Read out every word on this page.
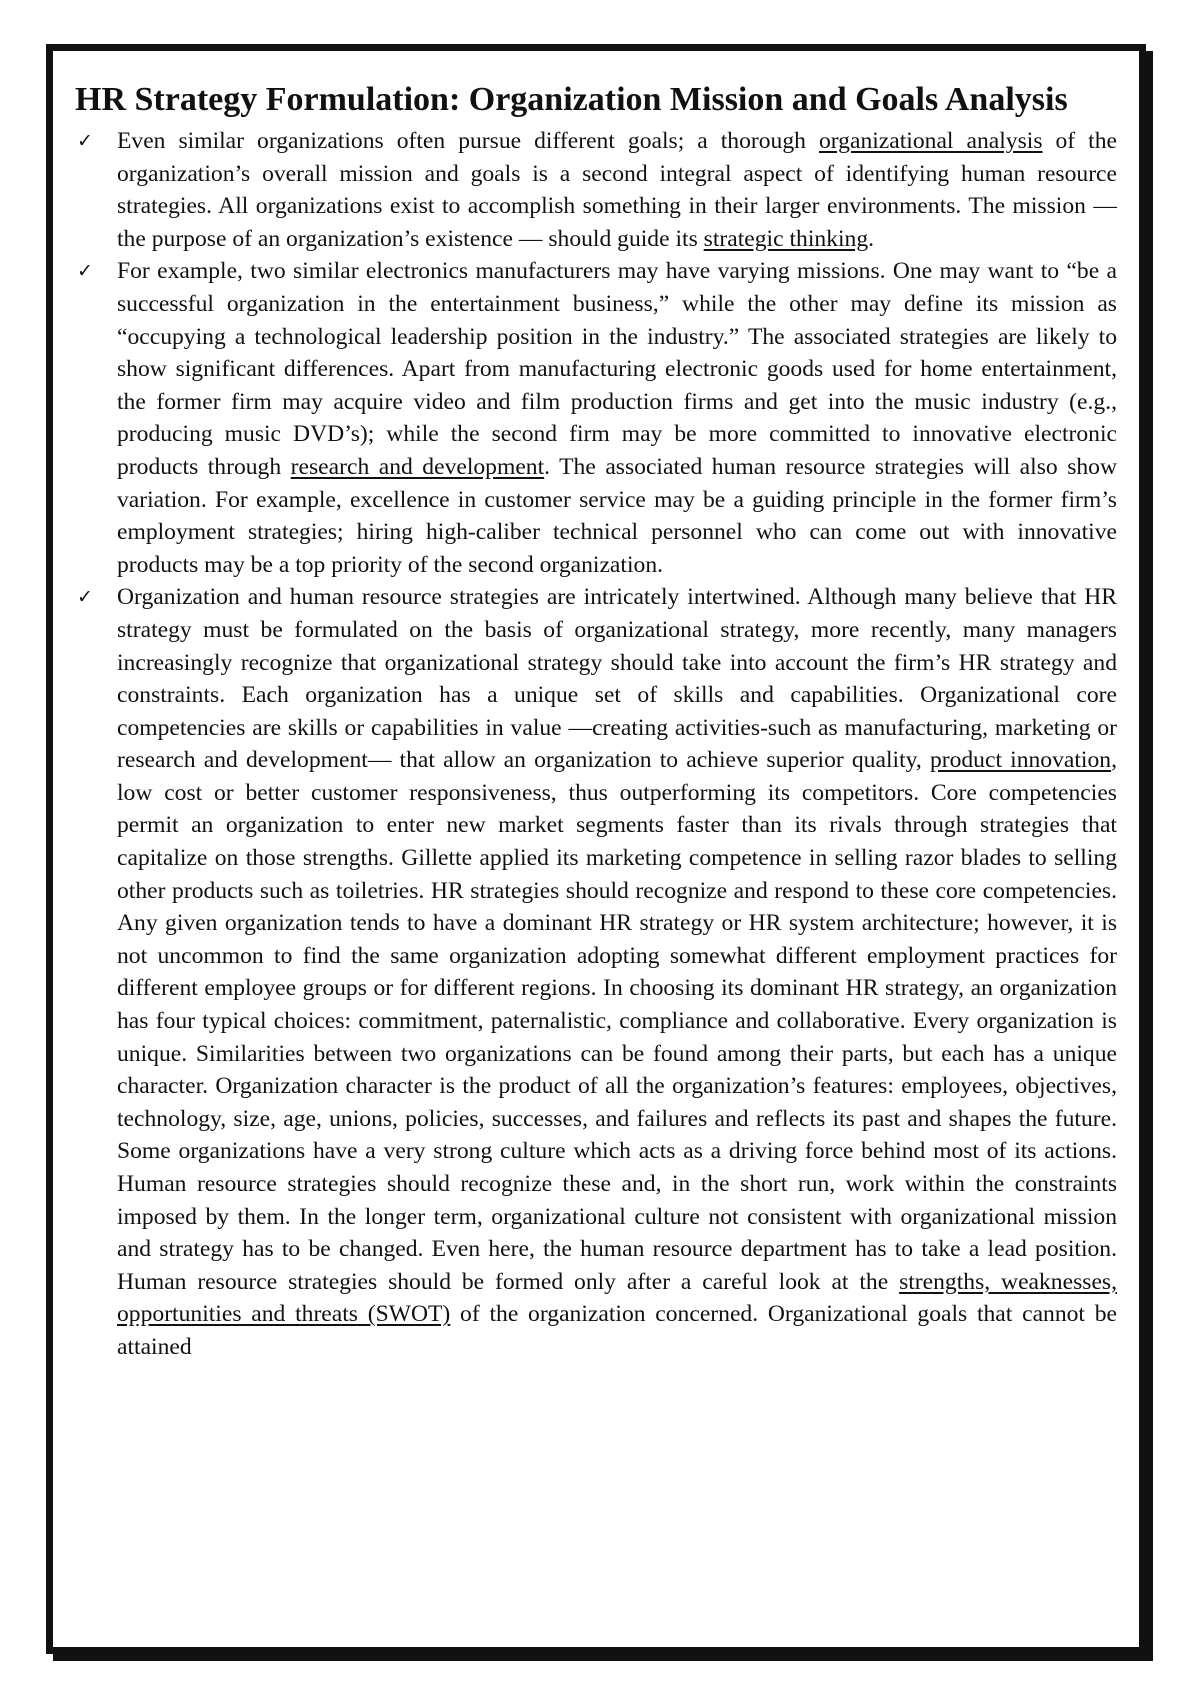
HR Strategy Formulation: Organization Mission and Goals Analysis
✓ Even similar organizations often pursue different goals; a thorough organizational analysis of the organization’s overall mission and goals is a second integral aspect of identifying human resource strategies. All organizations exist to accomplish something in their larger environments. The mission — the purpose of an organization’s existence — should guide its strategic thinking.
✓ For example, two similar electronics manufacturers may have varying missions. One may want to “be a successful organization in the entertainment business,” while the other may define its mission as “occupying a technological leadership position in the industry.” The associated strategies are likely to show significant differences. Apart from manufacturing electronic goods used for home entertainment, the former firm may acquire video and film production firms and get into the music industry (e.g., producing music DVD’s); while the second firm may be more committed to innovative electronic products through research and development. The associated human resource strategies will also show variation. For example, excellence in customer service may be a guiding principle in the former firm’s employment strategies; hiring high-caliber technical personnel who can come out with innovative products may be a top priority of the second organization.
✓ Organization and human resource strategies are intricately intertwined. Although many believe that HR strategy must be formulated on the basis of organizational strategy, more recently, many managers increasingly recognize that organizational strategy should take into account the firm’s HR strategy and constraints. Each organization has a unique set of skills and capabilities. Organizational core competencies are skills or capabilities in value —creating activities-such as manufacturing, marketing or research and development— that allow an organization to achieve superior quality, product innovation, low cost or better customer responsiveness, thus outperforming its competitors. Core competencies permit an organization to enter new market segments faster than its rivals through strategies that capitalize on those strengths. Gillette applied its marketing competence in selling razor blades to selling other products such as toiletries. HR strategies should recognize and respond to these core competencies. Any given organization tends to have a dominant HR strategy or HR system architecture; however, it is not uncommon to find the same organization adopting somewhat different employment practices for different employee groups or for different regions. In choosing its dominant HR strategy, an organization has four typical choices: commitment, paternalistic, compliance and collaborative. Every organization is unique. Similarities between two organizations can be found among their parts, but each has a unique character. Organization character is the product of all the organization’s features: employees, objectives, technology, size, age, unions, policies, successes, and failures and reflects its past and shapes the future. Some organizations have a very strong culture which acts as a driving force behind most of its actions. Human resource strategies should recognize these and, in the short run, work within the constraints imposed by them. In the longer term, organizational culture not consistent with organizational mission and strategy has to be changed. Even here, the human resource department has to take a lead position. Human resource strategies should be formed only after a careful look at the strengths, weaknesses, opportunities and threats (SWOT) of the organization concerned. Organizational goals that cannot be attained
